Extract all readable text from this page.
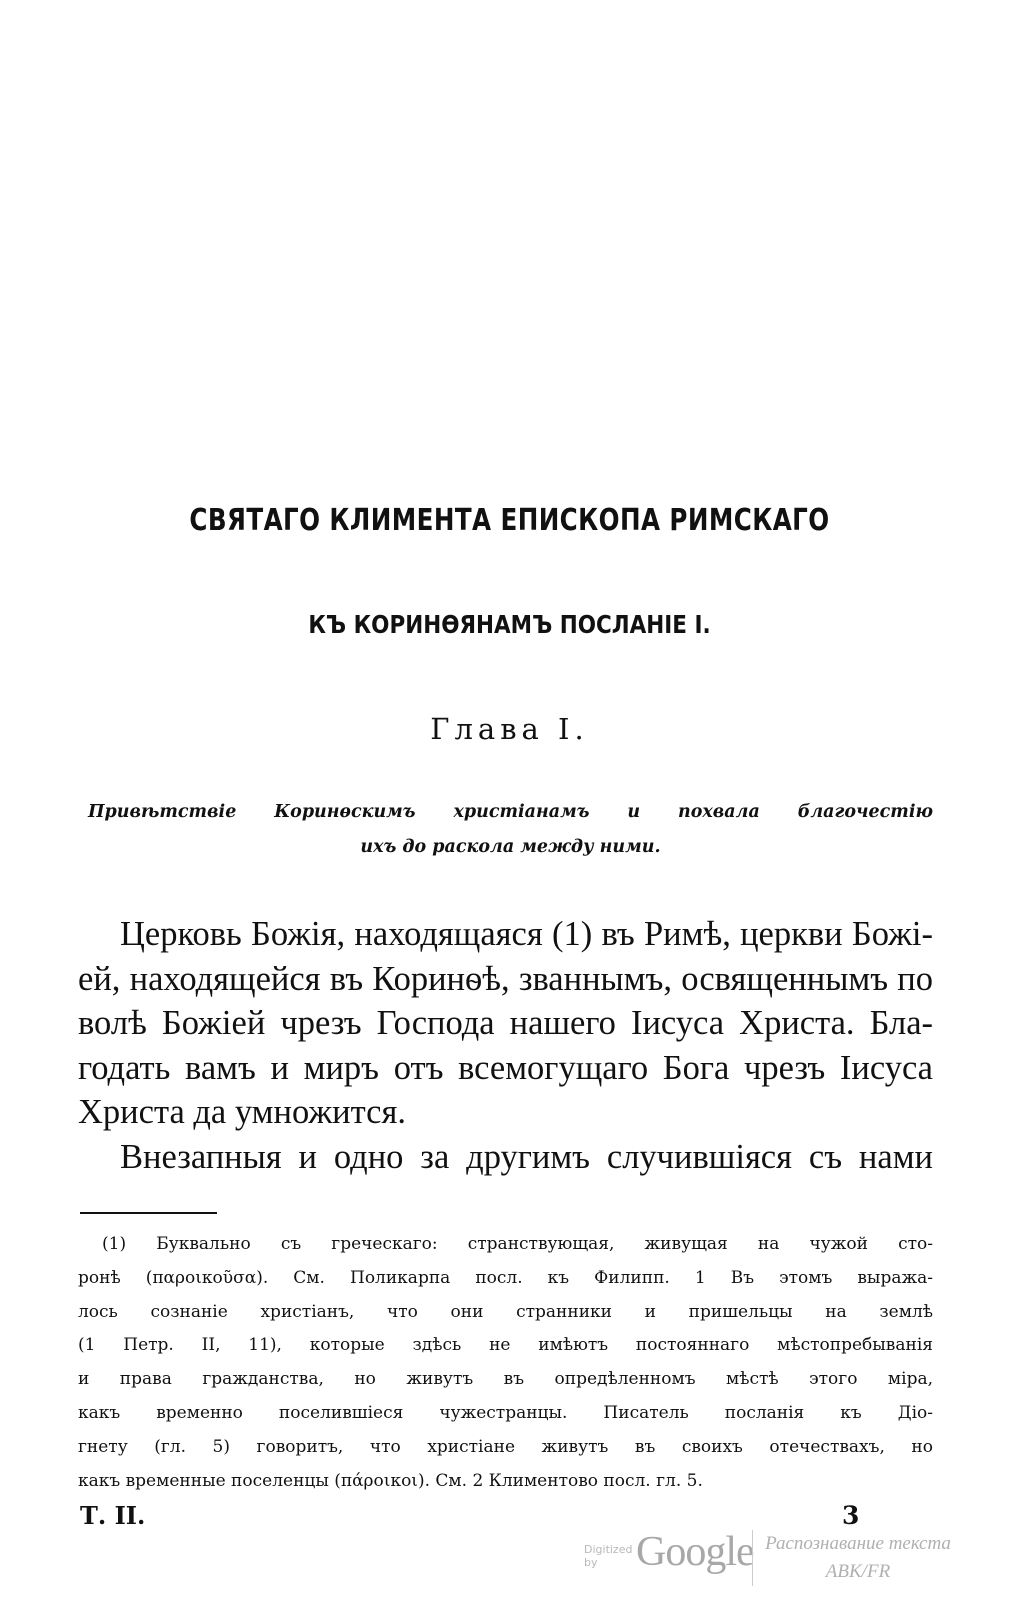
СВЯТАГО КЛИМЕНТА ЕПИСКОПА РИМСКАГО
КЪ КОРИНѲЯНАМЪ ПОСЛАНІЕ I.
Глава I.
Привѣтствіе Коринѳскимъ христіанамъ и похвала благочестію
ихъ до раскола между ними.
Церковь Божія, находящаяся (1) въ Римѣ, церкви Божі-
ей, находящейся въ Коринѳѣ, званнымъ, освященнымъ по
волѣ Божіей чрезъ Господа нашего Іисуса Христа. Бла-
годать вамъ и миръ отъ всемогущаго Бога чрезъ Іисуса
Христа да умножится.
Внезапныя и одно за другимъ случившіяся съ нами
(1) Буквально съ греческаго: странствующая, живущая на чужой сто-
ронѣ (παροικοῦσα). См. Поликарпа посл. къ Филипп. 1 Въ этомъ выража-
лось сознаніе христіанъ, что они странники и пришельцы на землѣ
(1 Петр. II, 11), которые здѣсь не имѣютъ постояннаго мѣстопребыванія
и права гражданства, но живутъ въ опредѣленномъ мѣстѣ этого міра,
какъ временно поселившіеся чужестранцы. Писатель посланія къ Діо-
гнету (гл. 5) говоритъ, что христіане живутъ въ своихъ отечествахъ, но
какъ временные поселенцы (πάροικοι). См. 2 Климентово посл. гл. 5.
Т. II.	3
Digitized by Google Распознавание текста
ABK/FR
